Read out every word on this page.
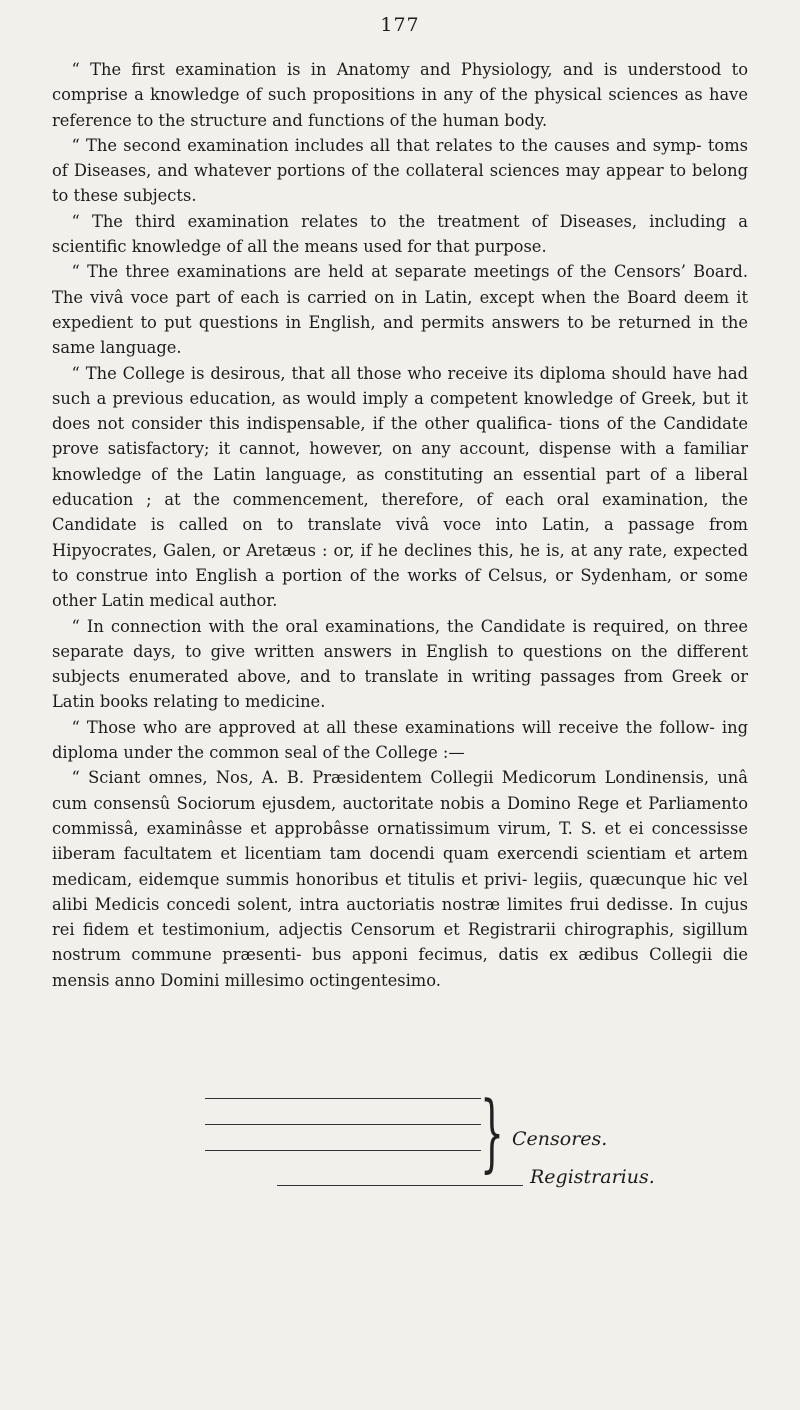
177

“ The first examination is in Anatomy and Physiology, and is understood to comprise a knowledge of such propositions in any of the physical sciences as have reference to the structure and functions of the human body.

“ The second examination includes all that relates to the causes and symp- toms of Diseases, and whatever portions of the collateral sciences may appear to belong to these subjects.

“ The third examination relates to the treatment of Diseases, including a scientific knowledge of all the means used for that purpose.

“ The three examinations are held at separate meetings of the Censors’ Board. The vivâ voce part of each is carried on in Latin, except when the Board deem it expedient to put questions in English, and permits answers to be returned in the same language.

“ The College is desirous, that all those who receive its diploma should have had such a previous education, as would imply a competent knowledge of Greek, but it does not consider this indispensable, if the other qualifica- tions of the Candidate prove satisfactory; it cannot, however, on any account, dispense with a familiar knowledge of the Latin language, as constituting an essential part of a liberal education ; at the commencement, therefore, of each oral examination, the Candidate is called on to translate vivâ voce into Latin, a passage from Hipyocrates, Galen, or Aretæus : or, if he declines this, he is, at any rate, expected to construe into English a portion of the works of Celsus, or Sydenham, or some other Latin medical author.

“ In connection with the oral examinations, the Candidate is required, on three separate days, to give written answers in English to questions on the different subjects enumerated above, and to translate in writing passages from Greek or Latin books relating to medicine.

“ Those who are approved at all these examinations will receive the follow- ing diploma under the common seal of the College :—

“ Sciant omnes, Nos, A. B. Præsidentem Collegii Medicorum Londinensis, unâ cum consensû Sociorum ejusdem, auctoritate nobis a Domino Rege et Parliamento commissâ, examinâsse et approbâsse ornatissimum virum, T. S. et ei concessisse iiberam facultatem et licentiam tam docendi quam exercendi scientiam et artem medicam, eidemque summis honoribus et titulis et privi- legiis, quæcunque hic vel alibi Medicis concedi solent, intra auctoriatis nostræ limites frui dedisse. In cujus rei fidem et testimonium, adjectis Censorum et Registrarii chirographis, sigillum nostrum commune præsenti- bus apponi fecimus, datis ex ædibus Collegii die mensis anno Domini millesimo octingentesimo.

} Censores.
Registrarius.
